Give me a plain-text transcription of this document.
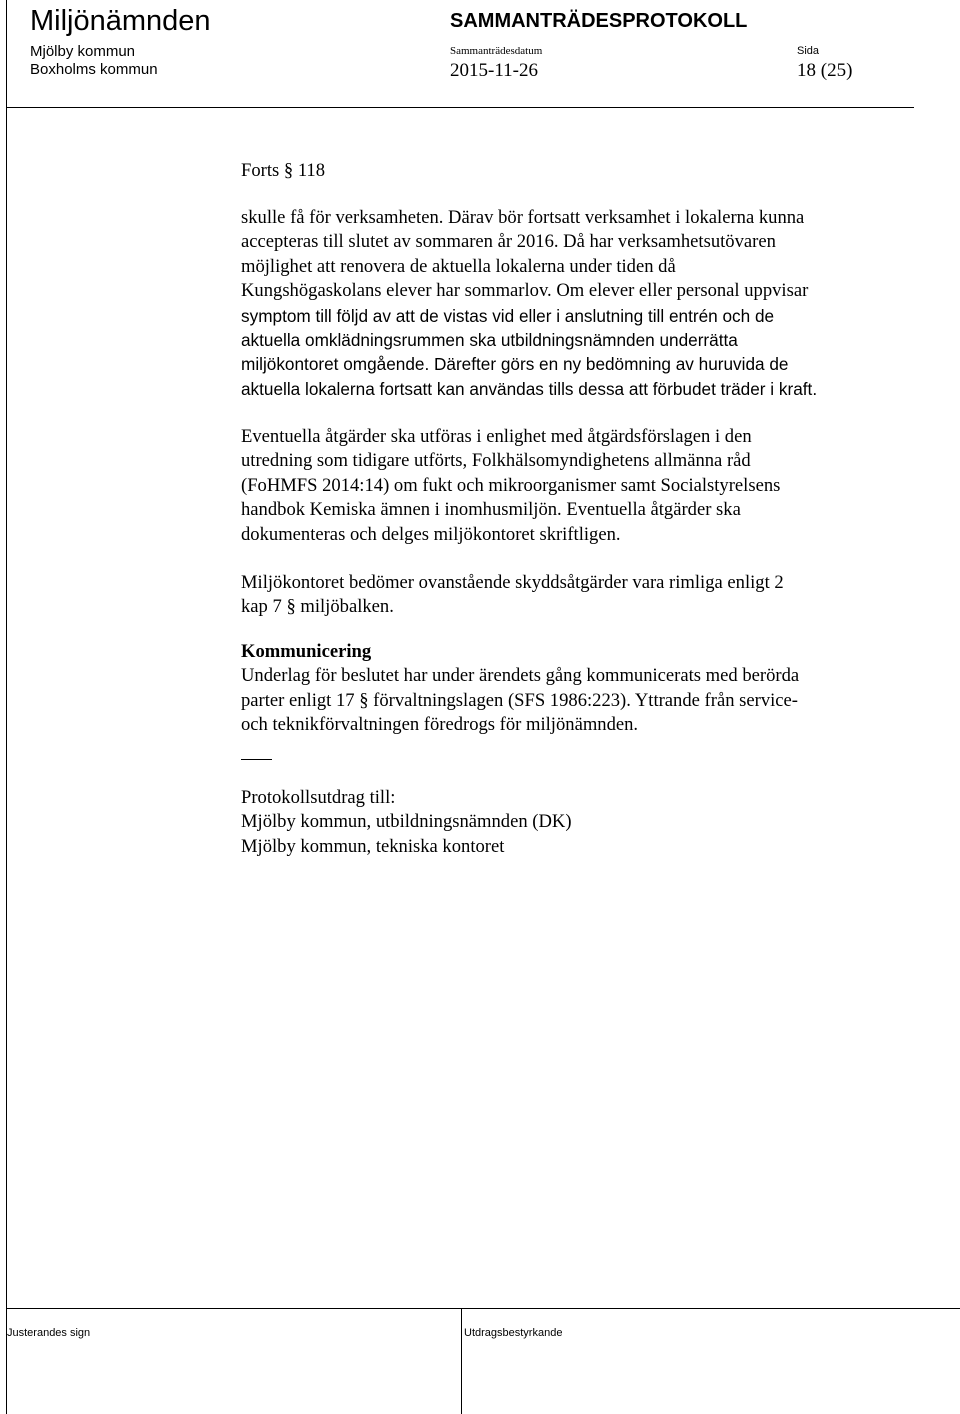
Miljönämnden
Mjölby kommun
Boxholms kommun
SAMMANTRÄDESPROTOKOLL
Sammanträdesdatum
2015-11-26
Sida
18 (25)
Forts § 118
skulle få för verksamheten. Därav bör fortsatt verksamhet i lokalerna kunna
accepteras till slutet av sommaren år 2016. Då har verksamhetsutövaren
möjlighet att renovera de aktuella lokalerna under tiden då
Kungshögaskolans elever har sommarlov. Om elever eller personal uppvisar
symptom till följd av att de vistas vid eller i anslutning till entrén och de
aktuella omklädningsrummen ska utbildningsnämnden underrätta
miljökontoret omgående. Därefter görs en ny bedömning av huruvida de
aktuella lokalerna fortsatt kan användas tills dessa att förbudet träder i kraft.
Eventuella åtgärder ska utföras i enlighet med åtgärdsförslagen i den
utredning som tidigare utförts, Folkhälsomyndighetens allmänna råd
(FoHMFS 2014:14) om fukt och mikroorganismer samt Socialstyrelsens
handbok Kemiska ämnen i inomhusmiljön. Eventuella åtgärder ska
dokumenteras och delges miljökontoret skriftligen.
Miljökontoret bedömer ovanstående skyddsåtgärder vara rimliga enligt 2
kap 7 § miljöbalken.
Kommunicering
Underlag för beslutet har under ärendets gång kommunicerats med berörda
parter enligt 17 § förvaltningslagen (SFS 1986:223). Yttrande från service-
och teknikförvaltningen föredrogs för miljönämnden.
Protokollsutdrag till:
Mjölby kommun, utbildningsnämnden (DK)
Mjölby kommun, tekniska kontoret
Justerandes sign	Utdragsbestyrkande
